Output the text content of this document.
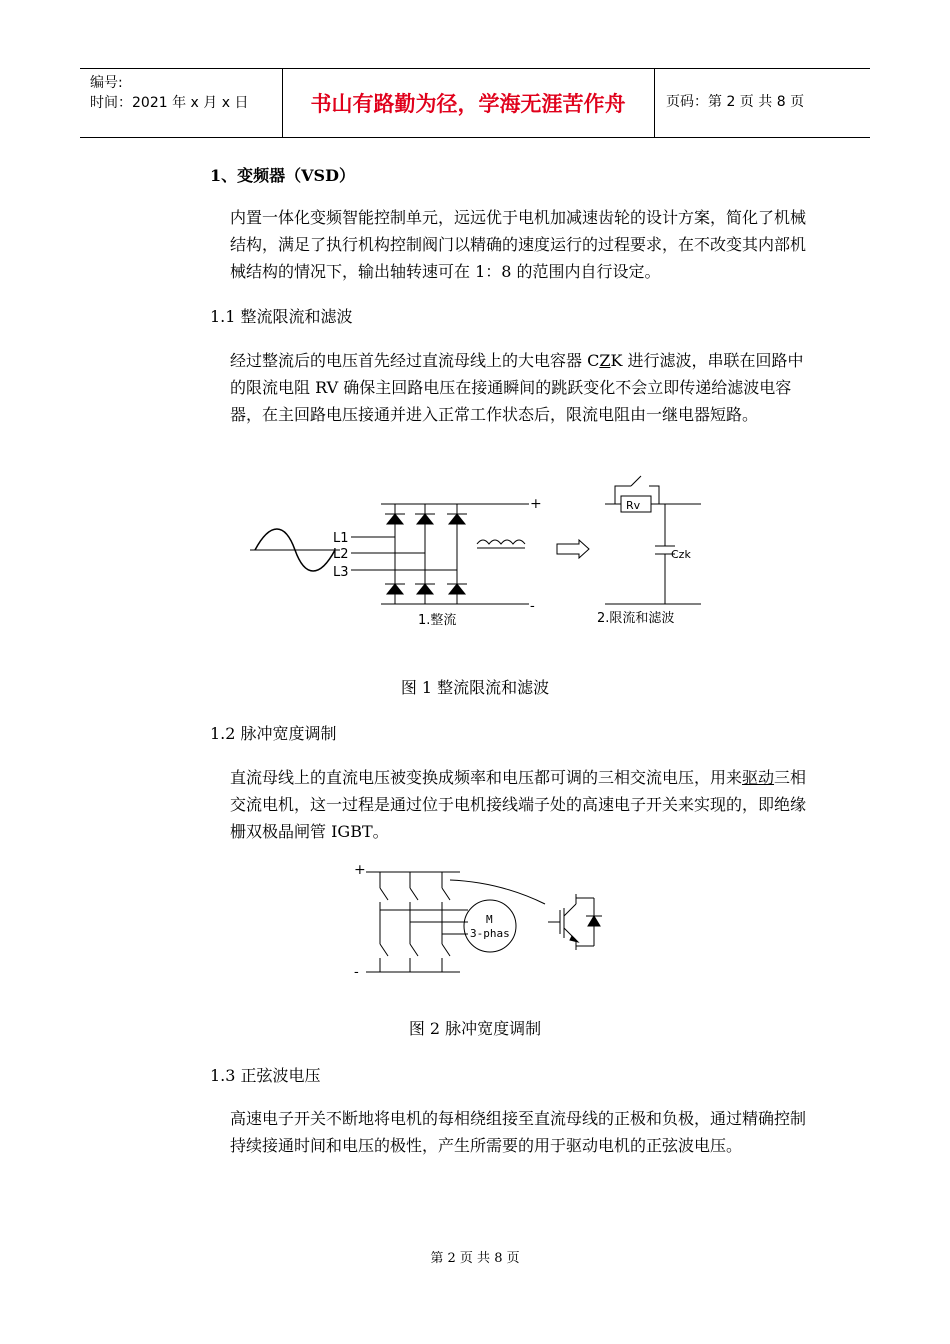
编号:
时间：2021 年 x 月 x 日	书山有路勤为径，学海无涯苦作舟	页码：第 2 页 共 8 页
1、变频器（VSD）
内置一体化变频智能控制单元，远远优于电机加减速齿轮的设计方案，简化了机械结构，满足了执行机构控制阀门以精确的速度运行的过程要求，在不改变其内部机械结构的情况下，输出轴转速可在 1：8 的范围内自行设定。
1.1 整流限流和滤波
经过整流后的电压首先经过直流母线上的大电容器 CZK 进行滤波，串联在回路中的限流电阻 RV 确保主回路电压在接通瞬间的跳跃变化不会立即传递给滤波电容器，在主回路电压接通并进入正常工作状态后，限流电阻由一继电器短路。
L1
L2
L3
+
-
Rv
Czk
1.整流	2.限流和滤波
图 1 整流限流和滤波
1.2 脉冲宽度调制
直流母线上的直流电压被变换成频率和电压都可调的三相交流电压，用来驱动三相交流电机，这一过程是通过位于电机接线端子处的高速电子开关来实现的，即绝缘栅双极晶闸管 IGBT。
+
-
M
3-phas
图 2 脉冲宽度调制
1.3 正弦波电压
高速电子开关不断地将电机的每相绕组接至直流母线的正极和负极，通过精确控制持续接通时间和电压的极性，产生所需要的用于驱动电机的正弦波电压。
第 2 页 共 8 页
